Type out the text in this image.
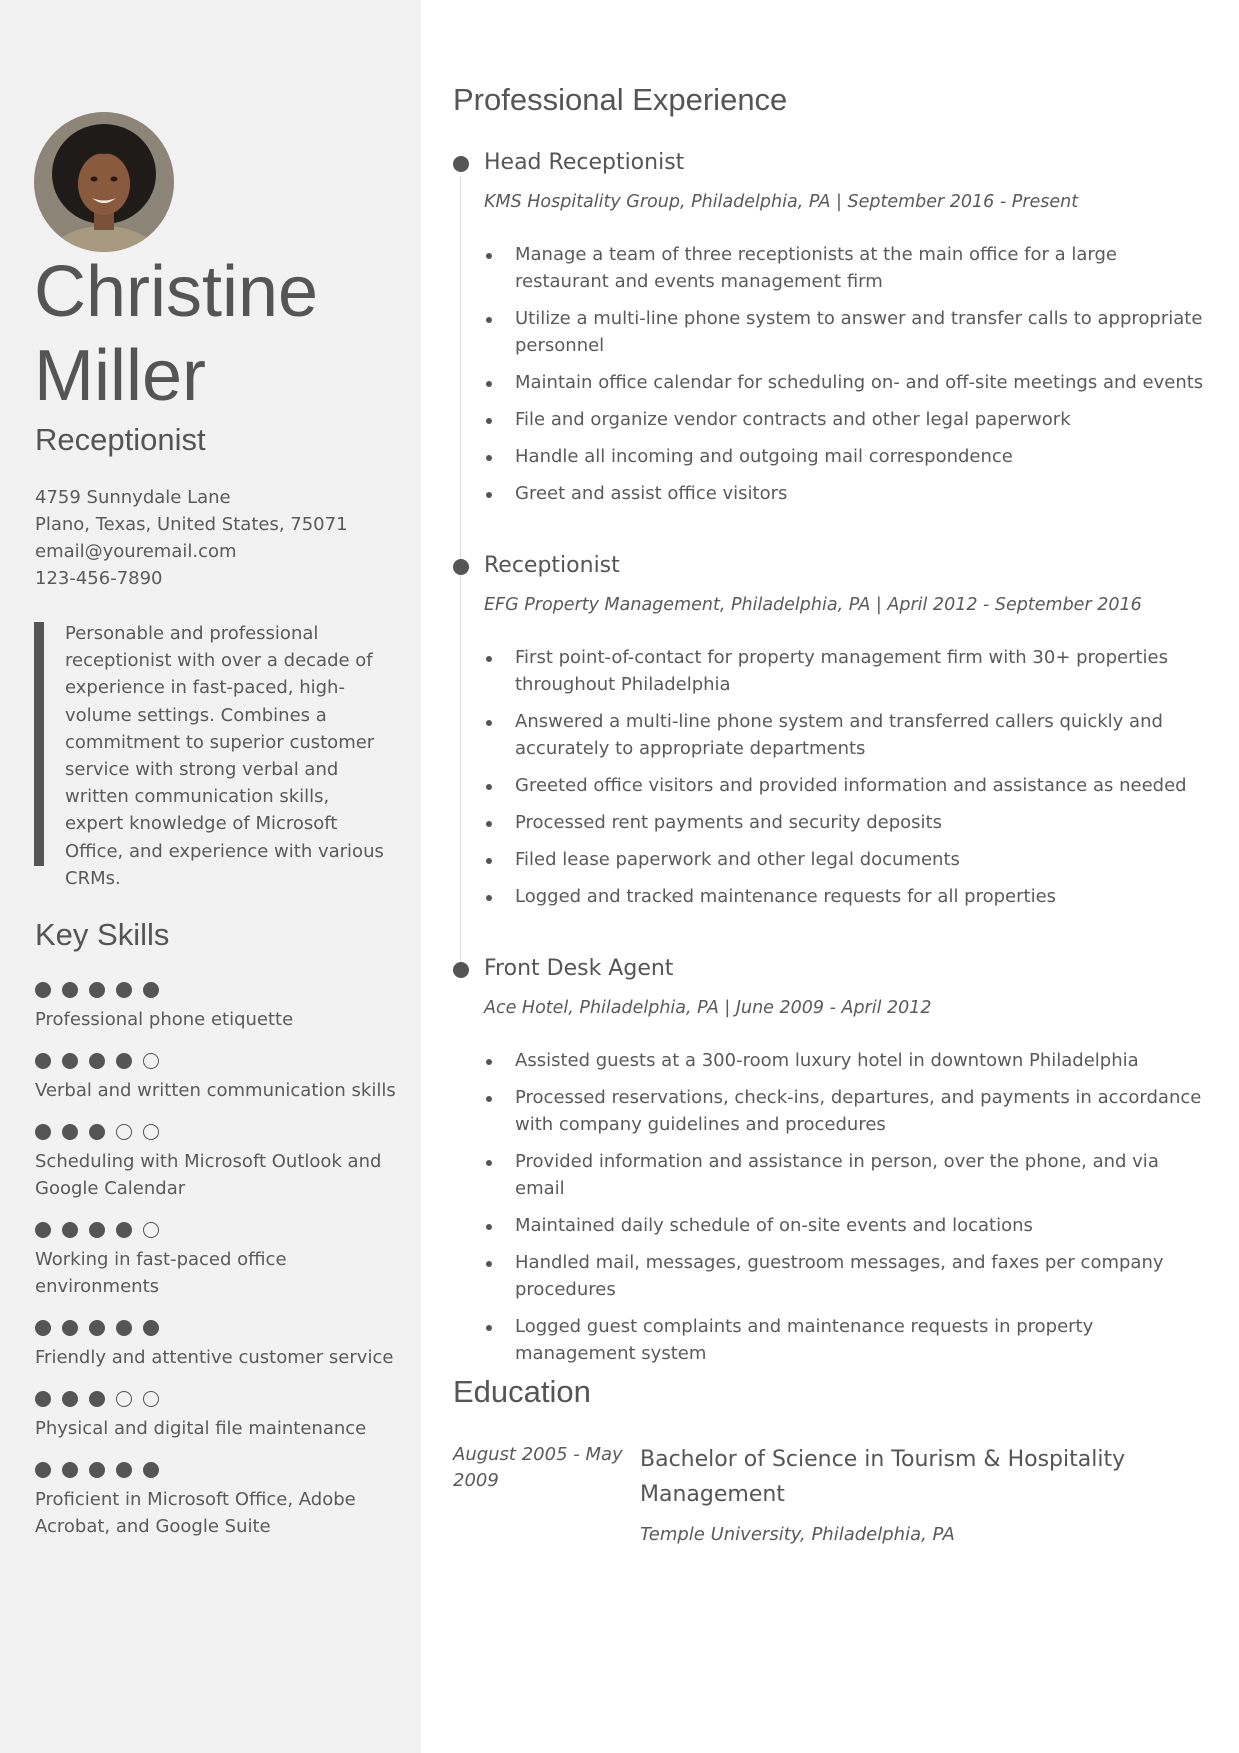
Christine
Miller
Receptionist
4759 Sunnydale Lane
Plano, Texas, United States, 75071
email@youremail.com
123-456-7890

Personable and professional receptionist with over a decade of experience in fast-paced, high-volume settings. Combines a commitment to superior customer service with strong verbal and written communication skills, expert knowledge of Microsoft Office, and experience with various CRMs.

Key Skills
Professional phone etiquette
Verbal and written communication skills
Scheduling with Microsoft Outlook and Google Calendar
Working in fast-paced office environments
Friendly and attentive customer service
Physical and digital file maintenance
Proficient in Microsoft Office, Adobe Acrobat, and Google Suite
Professional Experience
Head Receptionist
KMS Hospitality Group, Philadelphia, PA | September 2016 - Present
Manage a team of three receptionists at the main office for a large restaurant and events management firm
Utilize a multi-line phone system to answer and transfer calls to appropriate personnel
Maintain office calendar for scheduling on- and off-site meetings and events
File and organize vendor contracts and other legal paperwork
Handle all incoming and outgoing mail correspondence
Greet and assist office visitors
Receptionist
EFG Property Management, Philadelphia, PA | April 2012 - September 2016
First point-of-contact for property management firm with 30+ properties throughout Philadelphia
Answered a multi-line phone system and transferred callers quickly and accurately to appropriate departments
Greeted office visitors and provided information and assistance as needed
Processed rent payments and security deposits
Filed lease paperwork and other legal documents
Logged and tracked maintenance requests for all properties
Front Desk Agent
Ace Hotel, Philadelphia, PA | June 2009 - April 2012
Assisted guests at a 300-room luxury hotel in downtown Philadelphia
Processed reservations, check-ins, departures, and payments in accordance with company guidelines and procedures
Provided information and assistance in person, over the phone, and via email
Maintained daily schedule of on-site events and locations
Handled mail, messages, guestroom messages, and faxes per company procedures
Logged guest complaints and maintenance requests in property management system
Education
August 2005 - May 2009
Bachelor of Science in Tourism & Hospitality Management
Temple University, Philadelphia, PA
